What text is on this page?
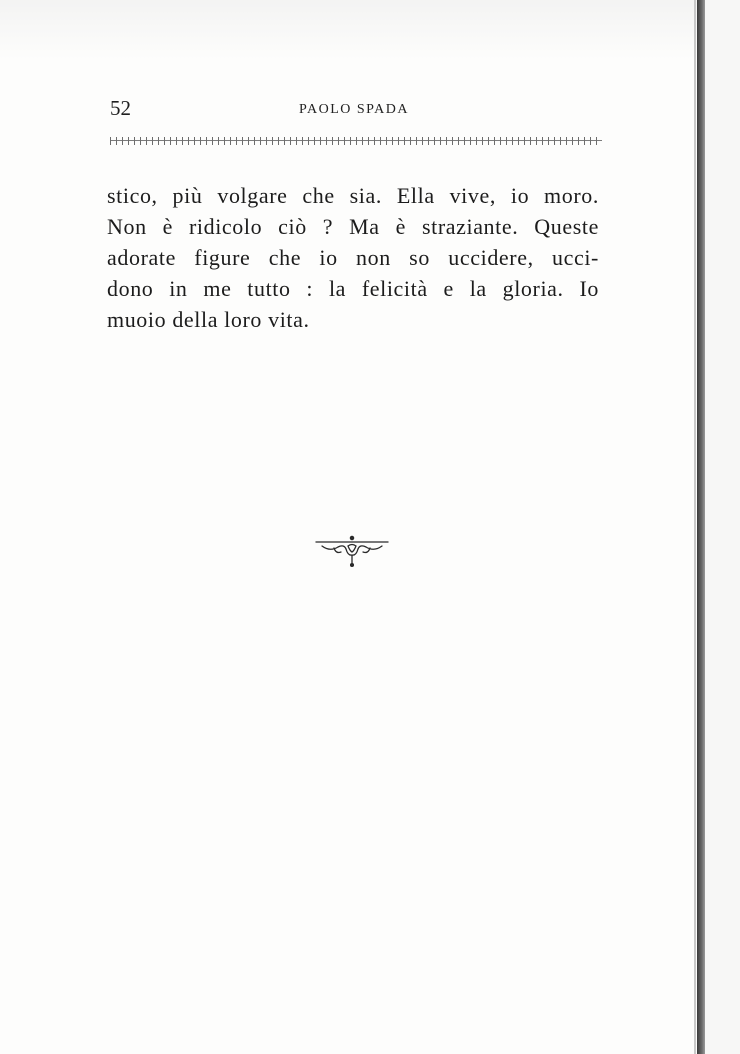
52	PAOLO SPADA

stico, più volgare che sia. Ella vive, io moro.
Non è ridicolo ciò ? Ma è straziante. Queste
adorate figure che io non so uccidere, ucci-
dono in me tutto : la felicità e la gloria. Io
muoio della loro vita.
